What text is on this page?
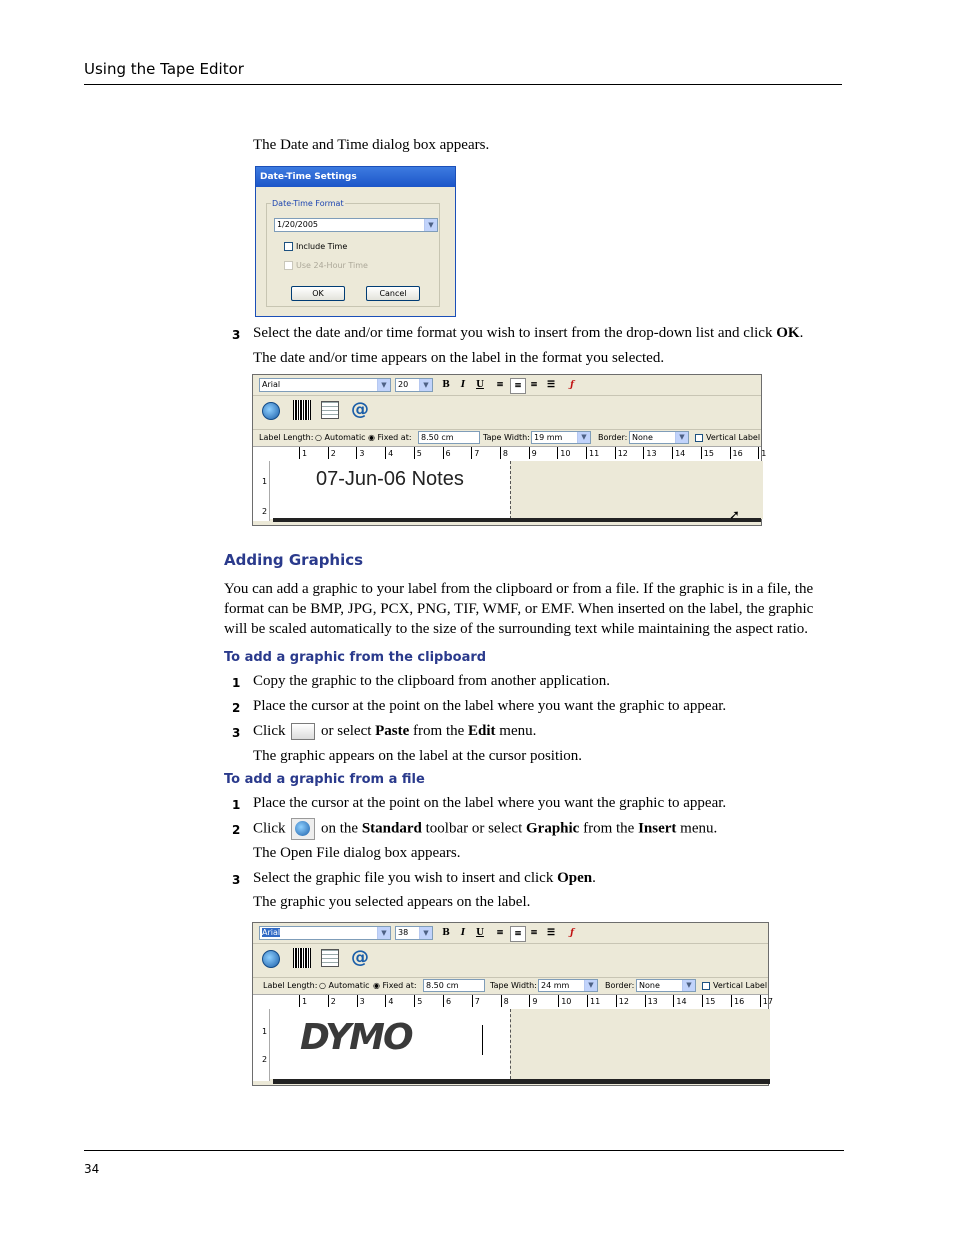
Using the Tape Editor
The Date and Time dialog box appears.
Date-Time Settings
Date-Time Format
1/20/2005	▼
Include Time
Use 24-Hour Time
OK	Cancel
3 Select the date and/or time format you wish to insert from the drop-down list and click OK.
The date and/or time appears on the label in the format you selected.
Arial	▼	20	▼	B	I	U	≡	≡ ≡	☰	ƒ
@
Label Length: ○ Automatic ◉ Fixed at:	8.50 cm	Tape Width: 19 mm	▼	Border: None	▼	Vertical Label
1	2	3	4	5	6	7	8	9	10	11	12	13	14	15	16	1
1
2
07-Jun-06 Notes
➚
Adding Graphics
You can add a graphic to your label from the clipboard or from a file. If the graphic is in a file, the format can be BMP, JPG, PCX, PNG, TIF, WMF, or EMF. When inserted on the label, the graphic will be scaled automatically to the size of the surrounding text while maintaining the aspect ratio.
To add a graphic from the clipboard
1 Copy the graphic to the clipboard from another application.
2 Place the cursor at the point on the label where you want the graphic to appear.
3 Click  or select Paste from the Edit menu.
The graphic appears on the label at the cursor position.
To add a graphic from a file
1 Place the cursor at the point on the label where you want the graphic to appear.
2 Click
on the Standard toolbar or select Graphic from the Insert menu.
The Open File dialog box appears.
3 Select the graphic file you wish to insert and click Open.
The graphic you selected appears on the label.
Arial	▼	38	▼	B	I	U	≡	≡ ≡	☰	ƒ
@
Label Length: ○ Automatic ◉ Fixed at:	8.50 cm	Tape Width: 24 mm	▼	Border: None	▼	Vertical Label
1	2	3	4	5	6	7	8	9	10	11	12	13	14	15	16	17
1
2
DYMO
34
